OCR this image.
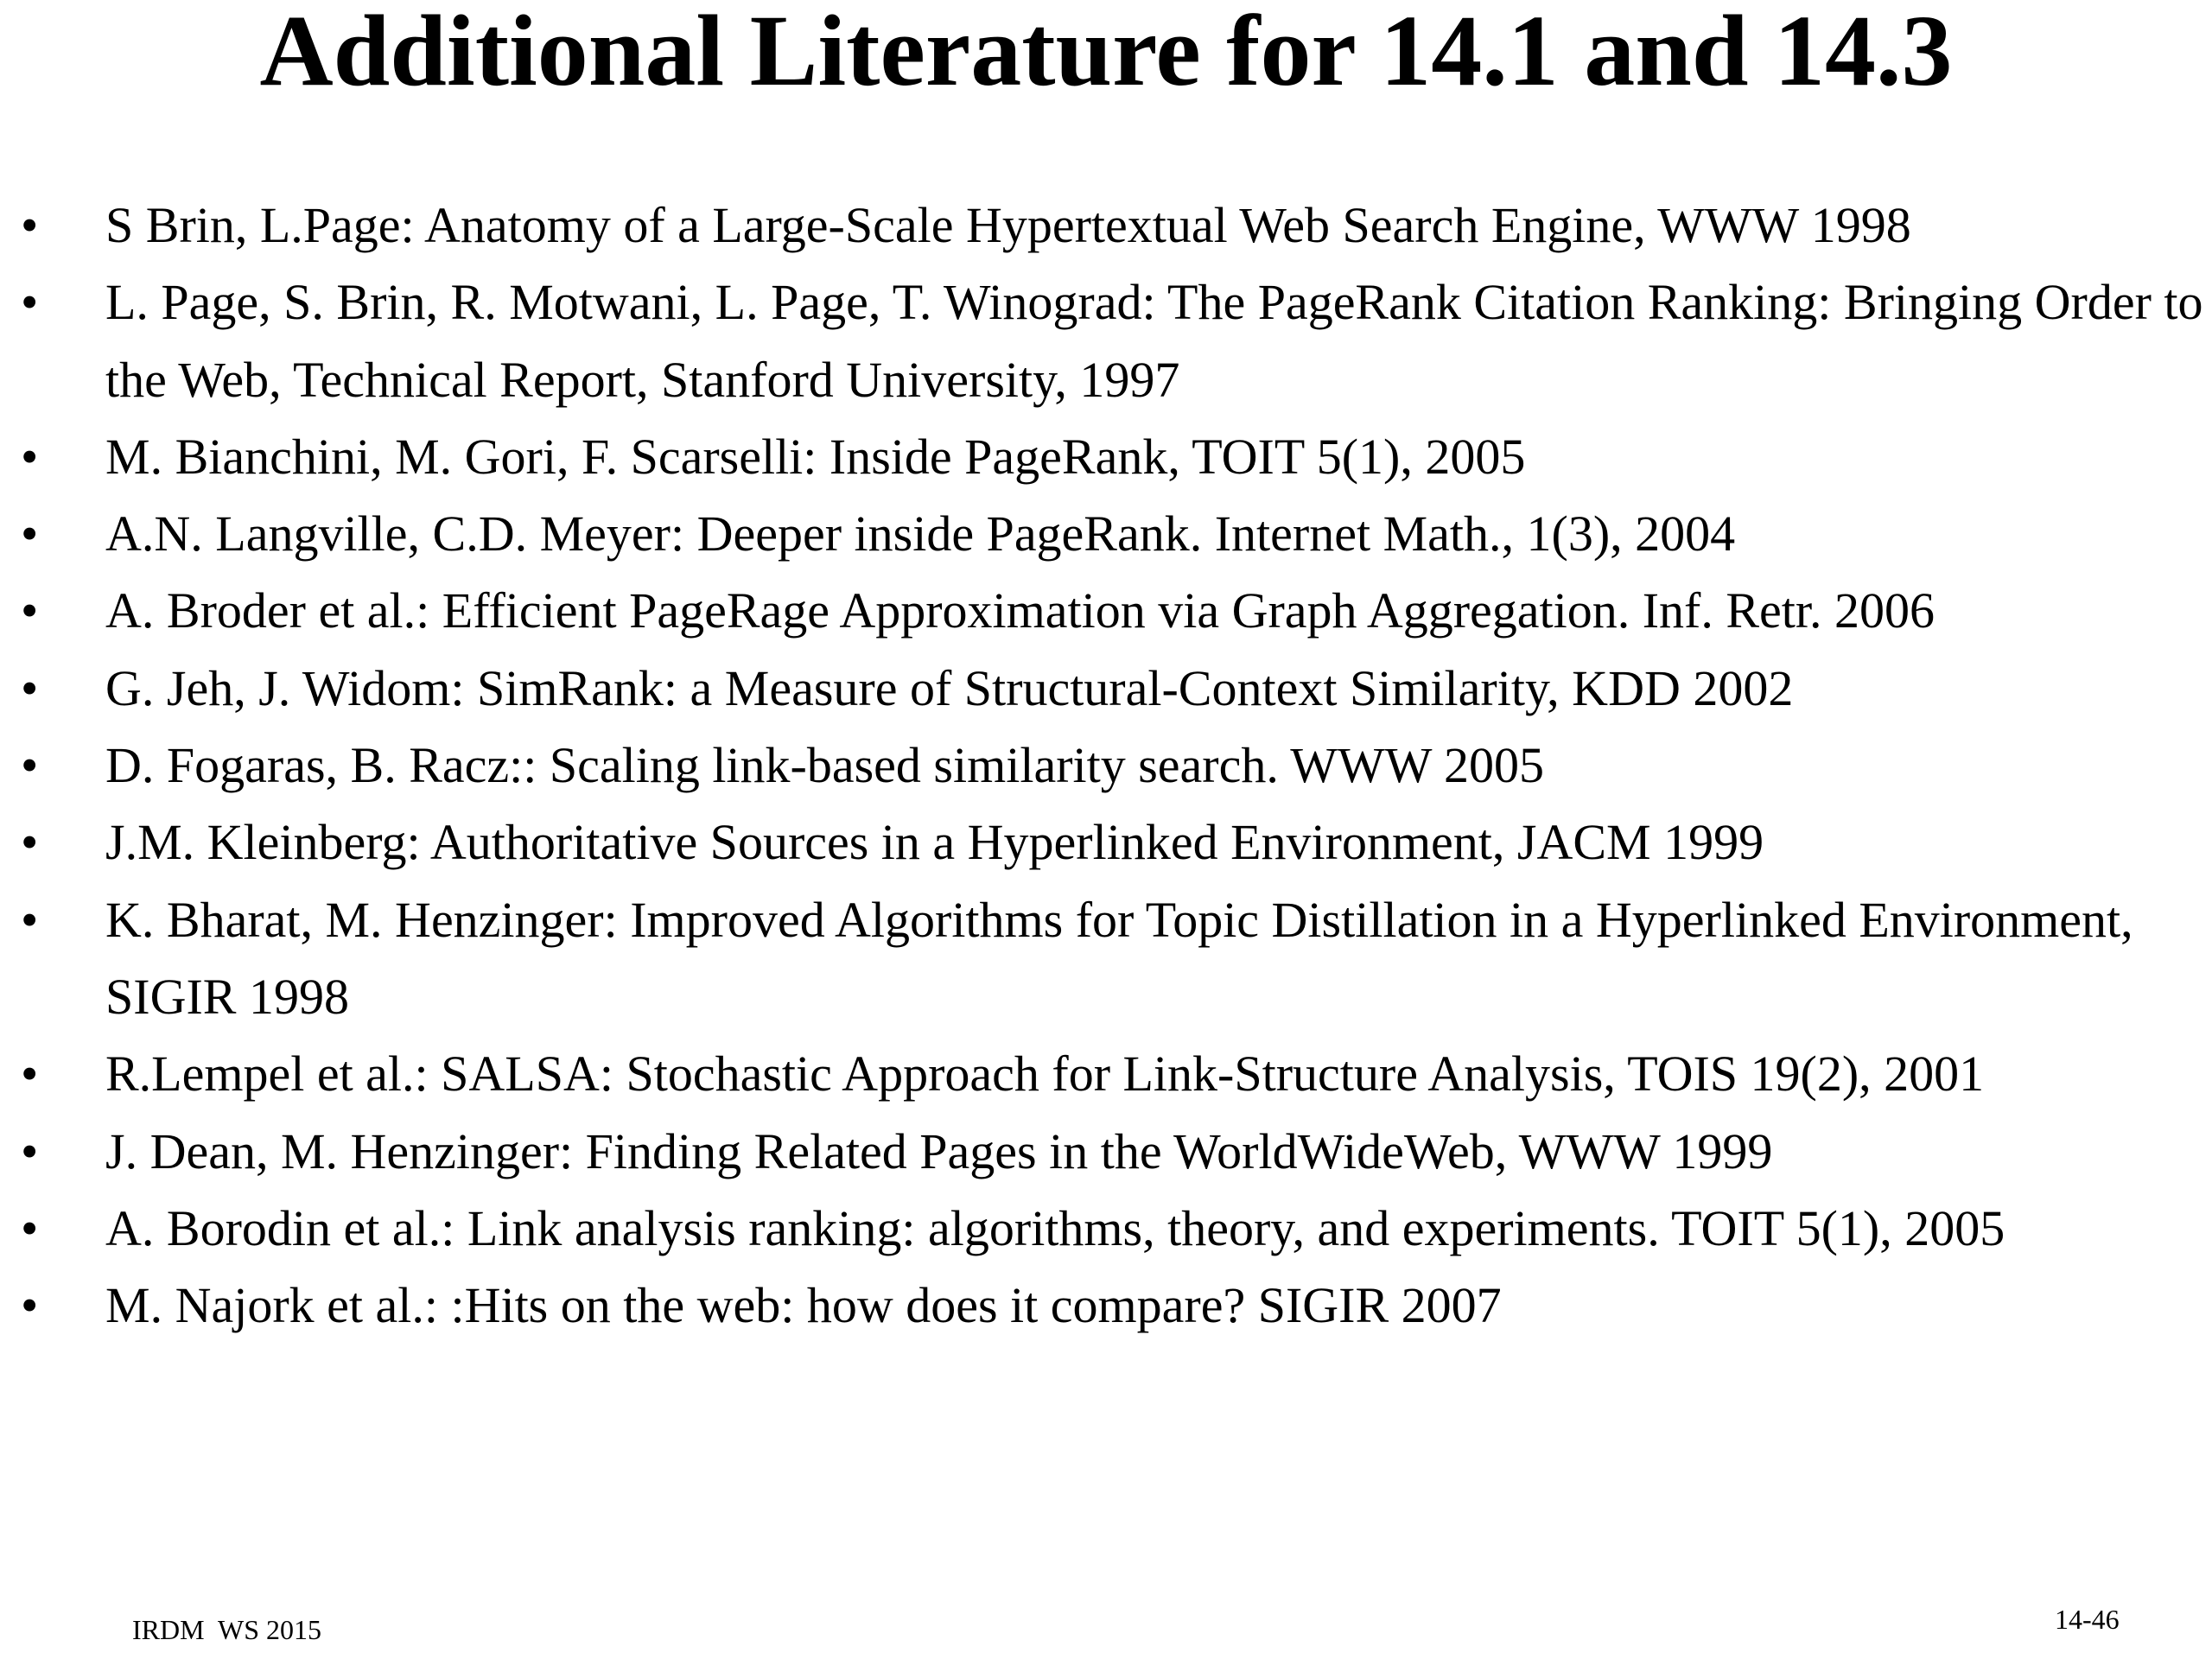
Additional Literature for 14.1 and 14.3
•	S Brin, L.Page: Anatomy of a Large-Scale Hypertextual Web Search Engine, WWW 1998
•	L. Page, S. Brin, R. Motwani, L. Page, T. Winograd: The PageRank Citation Ranking: Bringing Order to the Web, Technical Report, Stanford University, 1997
•	M. Bianchini, M. Gori, F. Scarselli: Inside PageRank, TOIT 5(1), 2005
•	A.N. Langville, C.D. Meyer: Deeper inside PageRank. Internet Math., 1(3), 2004
•	A. Broder et al.: Efficient PageRage Approximation via Graph Aggregation. Inf. Retr. 2006
•	G. Jeh, J. Widom: SimRank: a Measure of Structural-Context Similarity, KDD 2002
•	D. Fogaras, B. Racz:: Scaling link-based similarity search. WWW 2005
•	J.M. Kleinberg: Authoritative Sources in a Hyperlinked Environment, JACM 1999
•	K. Bharat, M. Henzinger: Improved Algorithms for Topic Distillation in a Hyperlinked Environment, SIGIR 1998
•	R.Lempel et al.: SALSA: Stochastic Approach for Link-Structure Analysis, TOIS 19(2), 2001
•	J. Dean, M. Henzinger: Finding Related Pages in the WorldWideWeb, WWW 1999
•	A. Borodin et al.: Link analysis ranking: algorithms, theory, and experiments. TOIT 5(1), 2005
•	M. Najork et al.: :Hits on the web: how does it compare? SIGIR 2007
IRDM  WS 2015	14-46
